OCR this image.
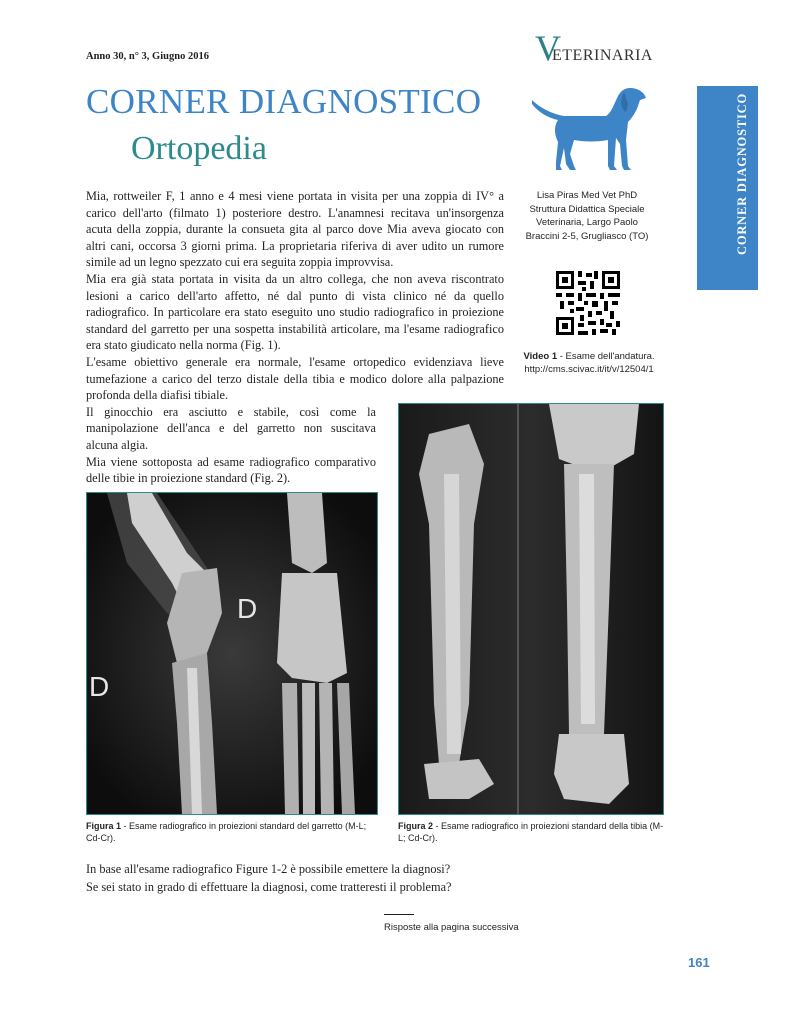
Anno 30, n° 3, Giugno 2016	V
ETERINARIA
CORNER DIAGNOSTICO
Ortopedia	CORNER DIAGNOSTICO
Lisa Piras Med Vet PhD
Struttura Didattica Speciale
Veterinaria, Largo Paolo
Braccini 2-5, Grugliasco (TO)
Video 1 - Esame dell'andatura.
http://cms.scivac.it/it/v/12504/1

Mia, rottweiler F, 1 anno e 4 mesi viene portata in visita per una zoppia di IV° a carico dell'arto (filmato 1) posteriore destro. L'anamnesi recitava un'insorgenza acuta della zoppia, durante la consueta gita al parco dove Mia aveva giocato con altri cani, occorsa 3 giorni prima. La proprietaria riferiva di aver udito un rumore simile ad un legno spezzato cui era seguita zoppia improvvisa.

Mia era già stata portata in visita da un altro collega, che non aveva riscontrato lesioni a carico dell'arto affetto, né dal punto di vista clinico né da quello radiografico. In particolare era stato eseguito uno studio radiografico in proiezione standard del garretto per una sospetta instabilità articolare, ma l'esame radiografico era stato giudicato nella norma (Fig. 1).

L'esame obiettivo generale era normale, l'esame ortopedico evidenziava lieve tumefazione a carico del terzo distale della tibia e modico dolore alla palpazione profonda della diafisi tibiale.

Il ginocchio era asciutto e stabile, così come la manipolazione dell'anca e del garretto non suscitava alcuna algia.

Mia viene sottoposta ad esame radiografico comparativo delle tibie in proiezione standard (Fig. 2).

D
D
Figura 1 - Esame radiografico in proiezioni standard del garretto (M-L; Cd-Cr).
Figura 2 - Esame radiografico in proiezioni standard della tibia (M-L; Cd-Cr).

In base all'esame radiografico Figure 1-2 è possibile emettere la diagnosi?

Se sei stato in grado di effettuare la diagnosi, come tratteresti il problema?

Risposte alla pagina successiva
161
